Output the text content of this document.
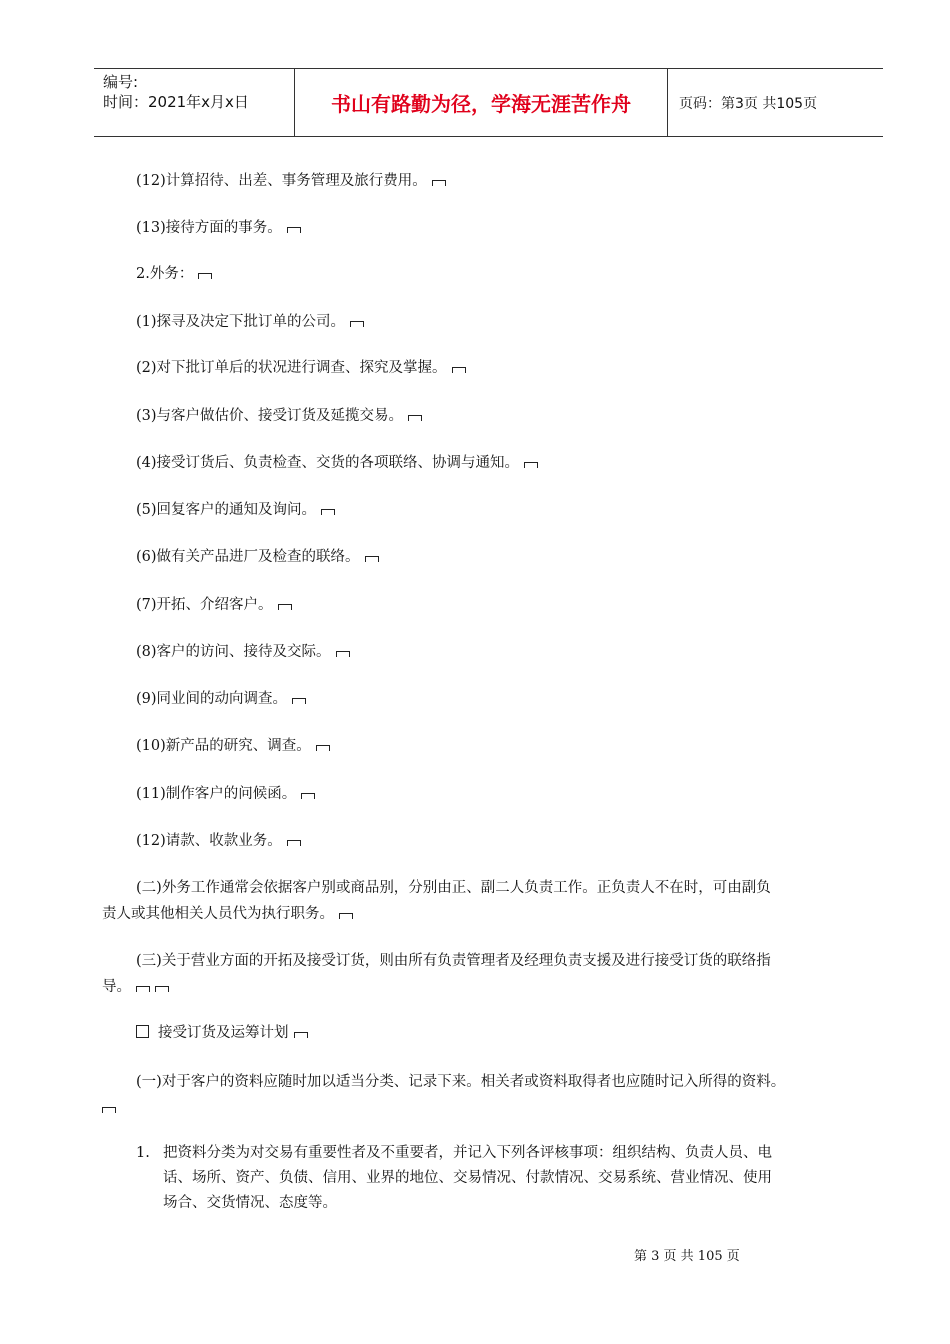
编号:
时间：2021年x月x日	书山有路勤为径，学海无涯苦作舟	页码：第3页 共105页
(12)计算招待、出差、事务管理及旅行费用。
(13)接待方面的事务。
2.外务：
(1)探寻及决定下批订单的公司。
(2)对下批订单后的状况进行调查、探究及掌握。
(3)与客户做估价、接受订货及延揽交易。
(4)接受订货后、负责检查、交货的各项联络、协调与通知。
(5)回复客户的通知及询问。
(6)做有关产品进厂及检查的联络。
(7)开拓、介绍客户。
(8)客户的访问、接待及交际。
(9)同业间的动向调查。
(10)新产品的研究、调查。
(11)制作客户的问候函。
(12)请款、收款业务。
(二)外务工作通常会依据客户别或商品别，分别由正、副二人负责工作。正负责人不在时，可由副负
责人或其他相关人员代为执行职务。
(三)关于营业方面的开拓及接受订货，则由所有负责管理者及经理负责支援及进行接受订货的联络指
导。
接受订货及运筹计划
(一)对于客户的资料应随时加以适当分类、记录下来。相关者或资料取得者也应随时记入所得的资料。
1. 把资料分类为对交易有重要性者及不重要者，并记入下列各评核事项：组织结构、负责人员、电
话、场所、资产、负债、信用、业界的地位、交易情况、付款情况、交易系统、营业情况、使用
场合、交货情况、态度等。
第 3 页 共 105 页
